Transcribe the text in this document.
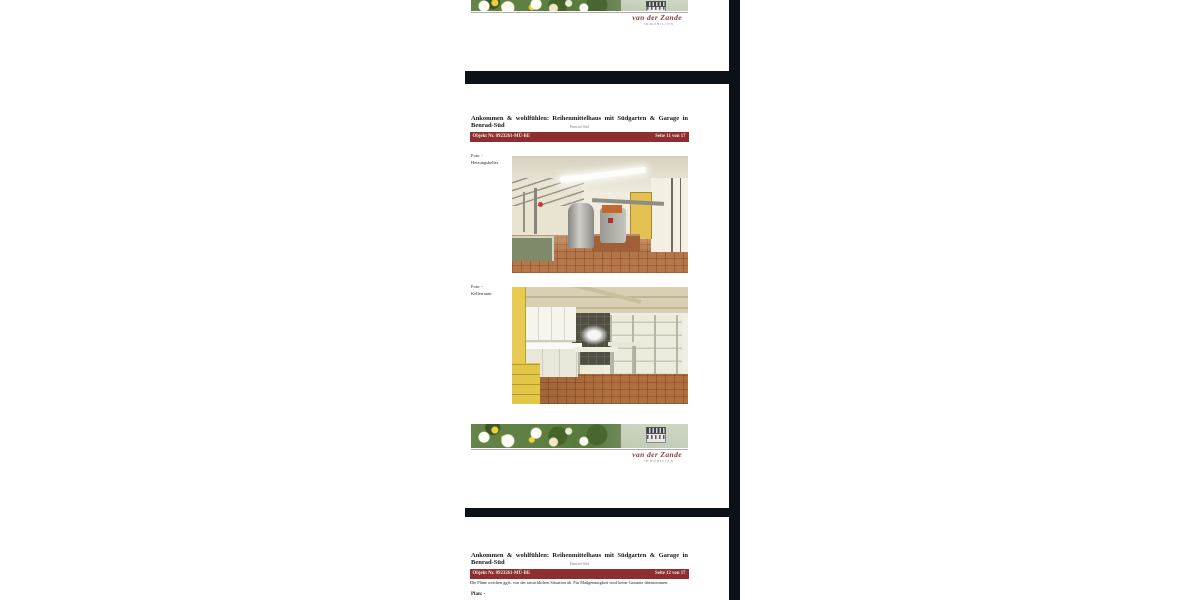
van der Zande
IMMOBILIEN
Ankommen & wohlfühlen: Reihenmittelhaus mit Südgarten & Garage in Benrad-Süd	Benrad-Süd
Objekt Nr. 0923261-MÜ-BE	Seite 11 von 17
Foto: -
Heizungskeller
Foto: -
Kellerraum
van der Zande
IMMOBILIEN
Ankommen & wohlfühlen: Reihenmittelhaus mit Südgarten & Garage in Benrad-Süd	Benrad-Süd
Objekt Nr. 0923261-MÜ-BE	Seite 12 von 17
Die Pläne weichen ggfs. von der tatsächlichen Situation ab. Für Maßgenauigkeit wird keine Garantie übernommen.
Plan: -
